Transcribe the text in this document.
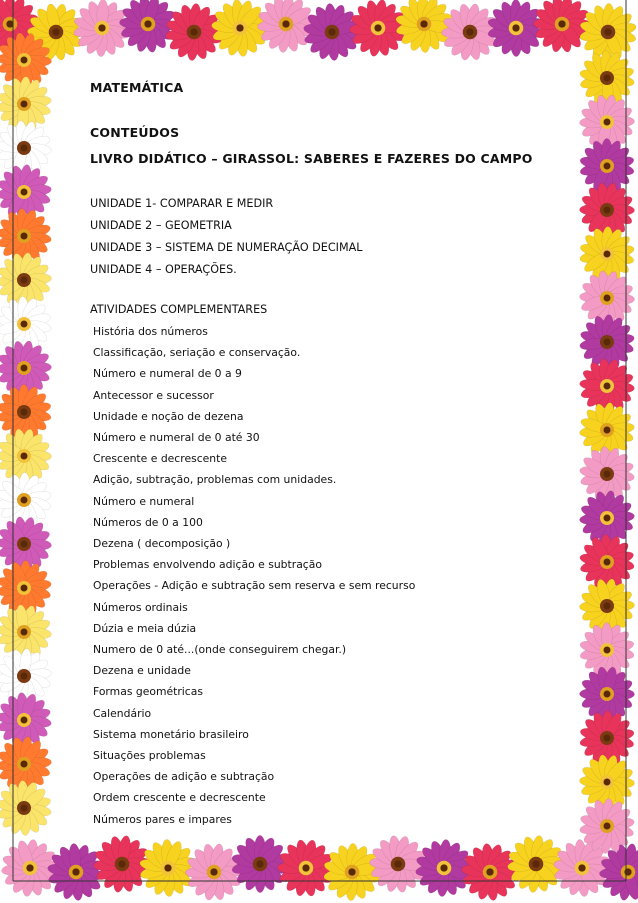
MATEMÁTICA
CONTEÚDOS
LIVRO DIDÁTICO – GIRASSOL: SABERES E FAZERES DO CAMPO
UNIDADE 1- COMPARAR E MEDIR
UNIDADE 2 – GEOMETRIA
UNIDADE 3 – SISTEMA DE NUMERAÇÃO DECIMAL
UNIDADE 4 – OPERAÇÕES.
ATIVIDADES COMPLEMENTARES
História dos números
Classificação, seriação e conservação.
Número e numeral de 0 a 9
Antecessor e sucessor
Unidade e noção de dezena
Número e numeral de 0 até 30
Crescente e decrescente
Adição, subtração, problemas com unidades.
Número e numeral
Números de 0 a 100
Dezena ( decomposição )
Problemas envolvendo adição e subtração
Operações - Adição e subtração sem reserva e sem recurso
Números ordinais
Dúzia e meia dúzia
Numero de 0 até...(onde conseguirem chegar.)
Dezena e unidade
Formas geométricas
Calendário
Sistema monetário brasileiro
Situações problemas
Operações de adição e subtração
Ordem crescente e decrescente
Números pares e impares
